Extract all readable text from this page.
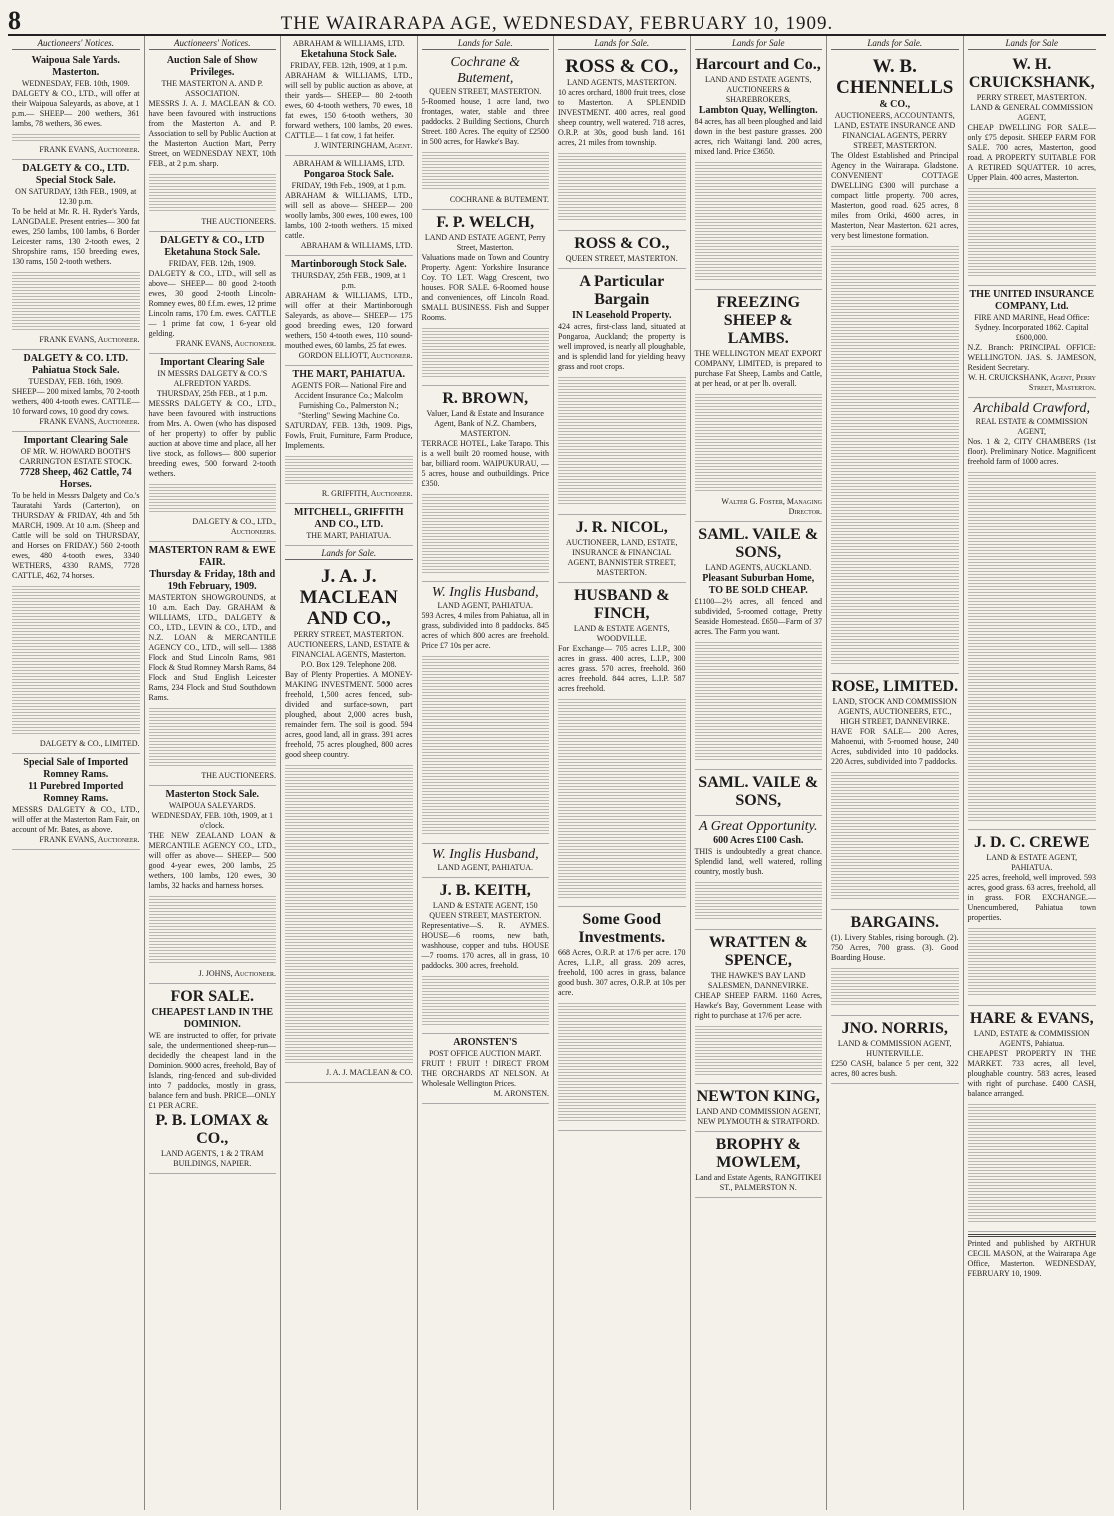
8	THE WAIRARAPA AGE, WEDNESDAY, FEBRUARY 10, 1909.
Auctioneers' Notices.
Waipoua Sale Yards. Masterton.
WEDNESDAY, FEB. 10th, 1909.
DALGETY & CO., LTD., will offer at their Waipoua Saleyards, as above, at 1 p.m.— SHEEP— 200 wethers, 361 lambs, 78 wethers, 36 ewes.
FRANK EVANS, Auctioneer.
DALGETY & CO., LTD.
Special Stock Sale.
ON SATURDAY, 13th FEB., 1909, at 12.30 p.m.
To be held at Mr. R. H. Ryder's Yards, LANGDALE. Present entries— 300 fat ewes, 250 lambs, 100 lambs, 6 Border Leicester rams, 130 2-tooth ewes, 2 Shropshire rams, 150 breeding ewes, 130 rams, 150 2-tooth wethers.
FRANK EVANS, Auctioneer.
DALGETY & CO. LTD.
Pahiatua Stock Sale.
TUESDAY, FEB. 16th, 1909.
SHEEP— 200 mixed lambs, 70 2-tooth wethers, 400 4-tooth ewes. CATTLE— 10 forward cows, 10 good dry cows.
FRANK EVANS, Auctioneer.
Important Clearing Sale
OF MR. W. HOWARD BOOTH'S CARRINGTON ESTATE STOCK.
7728 Sheep, 462 Cattle, 74 Horses.
To be held in Messrs Dalgety and Co.'s Tauratahi Yards (Carterton), on THURSDAY & FRIDAY, 4th and 5th MARCH, 1909. At 10 a.m. (Sheep and Cattle will be sold on THURSDAY, and Horses on FRIDAY.) 560 2-tooth ewes, 480 4-tooth ewes, 3340 WETHERS, 4330 RAMS, 7728 CATTLE, 462, 74 horses.
DALGETY & CO., LIMITED.
Special Sale of Imported Romney Rams.
11 Purebred Imported Romney Rams.
MESSRS DALGETY & CO., LTD., will offer at the Masterton Ram Fair, on account of Mr. Bates, as above.
FRANK EVANS, Auctioneer.
Auctioneers' Notices.
Auction Sale of Show Privileges.
THE MASTERTON A. AND P. ASSOCIATION.
MESSRS J. A. J. MACLEAN & CO. have been favoured with instructions from the Masterton A. and P. Association to sell by Public Auction at the Masterton Auction Mart, Perry Street, on WEDNESDAY NEXT, 10th FEB., at 2 p.m. sharp.
THE AUCTIONEERS.
DALGETY & CO., LTD
Eketahuna Stock Sale.
FRIDAY, FEB. 12th, 1909.
DALGETY & CO., LTD., will sell as above— SHEEP— 80 good 2-tooth ewes, 30 good 2-tooth Lincoln-Romney ewes, 80 f.f.m. ewes, 12 prime Lincoln rams, 170 f.m. ewes. CATTLE— 1 prime fat cow, 1 6-year old gelding.
FRANK EVANS, Auctioneer.
Important Clearing Sale
IN MESSRS DALGETY & CO.'S ALFREDTON YARDS.
THURSDAY, 25th FEB., at 1 p.m.
MESSRS DALGETY & CO., LTD., have been favoured with instructions from Mrs. A. Owen (who has disposed of her property) to offer by public auction at above time and place, all her live stock, as follows— 800 superior breeding ewes, 500 forward 2-tooth wethers.
DALGETY & CO., LTD., Auctioneers.
MASTERTON RAM & EWE FAIR.
Thursday & Friday, 18th and 19th February, 1909.
MASTERTON SHOWGROUNDS, at 10 a.m. Each Day. GRAHAM & WILLIAMS, LTD., DALGETY & CO., LTD., LEVIN & CO., LTD., and N.Z. LOAN & MERCANTILE AGENCY CO., LTD., will sell— 1388 Flock and Stud Lincoln Rams, 981 Flock & Stud Romney Marsh Rams, 84 Flock and Stud English Leicester Rams, 234 Flock and Stud Southdown Rams.
THE AUCTIONEERS.
Masterton Stock Sale.
WAIPOUA SALEYARDS.
WEDNESDAY, FEB. 10th, 1909, at 1 o'clock.
THE NEW ZEALAND LOAN & MERCANTILE AGENCY CO., LTD., will offer as above— SHEEP— 500 good 4-year ewes, 200 lambs, 25 wethers, 100 lambs, 120 ewes, 30 lambs, 32 hacks and harness horses.
J. JOHNS, Auctioneer.
FOR SALE.
CHEAPEST LAND IN THE DOMINION.
WE are instructed to offer, for private sale, the undermentioned sheep-run—decidedly the cheapest land in the Dominion. 9000 acres, freehold, Bay of Islands, ring-fenced and sub-divided into 7 paddocks, mostly in grass, balance fern and bush. PRICE—ONLY £1 PER ACRE.
P. B. LOMAX & CO.,
LAND AGENTS, 1 & 2 TRAM BUILDINGS, NAPIER.
ABRAHAM & WILLIAMS, LTD.
Eketahuna Stock Sale.
FRIDAY, FEB. 12th, 1909, at 1 p.m.
ABRAHAM & WILLIAMS, LTD., will sell by public auction as above, at their yards— SHEEP— 80 2-tooth ewes, 60 4-tooth wethers, 70 ewes, 18 fat ewes, 150 6-tooth wethers, 30 forward wethers, 100 lambs, 20 ewes. CATTLE— 1 fat cow, 1 fat heifer.
J. WINTERINGHAM, Agent.
ABRAHAM & WILLIAMS, LTD.
Pongaroa Stock Sale.
FRIDAY, 19th Feb., 1909, at 1 p.m.
ABRAHAM & WILLIAMS, LTD., will sell as above— SHEEP— 200 woolly lambs, 300 ewes, 100 ewes, 100 lambs, 100 2-tooth wethers. 15 mixed cattle.
ABRAHAM & WILLIAMS, LTD.
Martinborough Stock Sale.
THURSDAY, 25th FEB., 1909, at 1 p.m.
ABRAHAM & WILLIAMS, LTD., will offer at their Martinborough Saleyards, as above— SHEEP— 175 good breeding ewes, 120 forward wethers, 150 4-tooth ewes, 110 sound-mouthed ewes, 60 lambs, 25 fat ewes.
GORDON ELLIOTT, Auctioneer.
THE MART, PAHIATUA.
AGENTS FOR— National Fire and Accident Insurance Co.; Malcolm Furnishing Co., Palmerston N.; "Sterling" Sewing Machine Co.
SATURDAY, FEB. 13th, 1909. Pigs, Fowls, Fruit, Furniture, Farm Produce, Implements.
R. GRIFFITH, Auctioneer.
MITCHELL, GRIFFITH AND CO., LTD.
THE MART, PAHIATUA.
Lands for Sale.
J. A. J. MACLEAN AND CO.,
PERRY STREET, MASTERTON. AUCTIONEERS, LAND, ESTATE & FINANCIAL AGENTS, Masterton.
P.O. Box 129. Telephone 208.
Bay of Plenty Properties. A MONEY-MAKING INVESTMENT. 5000 acres freehold, 1,500 acres fenced, sub-divided and surface-sown, part ploughed, about 2,000 acres bush, remainder fern. The soil is good. 594 acres, good land, all in grass. 391 acres freehold, 75 acres ploughed, 800 acres good sheep country.
J. A. J. MACLEAN & CO.
Lands for Sale.
Cochrane & Butement,
QUEEN STREET, MASTERTON.
5-Roomed house, 1 acre land, two frontages, water, stable and three paddocks. 2 Building Sections, Church Street. 180 Acres. The equity of £2500 in 500 acres, for Hawke's Bay.
COCHRANE & BUTEMENT.
F. P. WELCH,
LAND AND ESTATE AGENT, Perry Street, Masterton.
Valuations made on Town and Country Property. Agent: Yorkshire Insurance Coy. TO LET. Wagg Crescent, two houses. FOR SALE. 6-Roomed house and conveniences, off Lincoln Road. SMALL BUSINESS. Fish and Supper Rooms.
R. BROWN,
Valuer, Land & Estate and Insurance Agent, Bank of N.Z. Chambers, MASTERTON.
TERRACE HOTEL, Lake Tarapo. This is a well built 20 roomed house, with bar, billiard room. WAIPUKURAU, — 5 acres, house and outbuildings. Price £350.
W. Inglis Husband,
LAND AGENT, PAHIATUA.
593 Acres, 4 miles from Pahiatua, all in grass, subdivided into 8 paddocks. 845 acres of which 800 acres are freehold. Price £7 10s per acre.
W. Inglis Husband,
LAND AGENT, PAHIATUA.
J. B. KEITH,
LAND & ESTATE AGENT, 150 QUEEN STREET, MASTERTON.
Representative—S. R. AYMES. HOUSE—6 rooms, new bath, washhouse, copper and tubs. HOUSE—7 rooms. 170 acres, all in grass, 10 paddocks. 300 acres, freehold.
ARONSTEN'S
POST OFFICE AUCTION MART.
FRUIT ! FRUIT ! DIRECT FROM THE ORCHARDS AT NELSON. At Wholesale Wellington Prices.
M. ARONSTEN.
Lands for Sale.
ROSS & CO.,
LAND AGENTS, MASTERTON.
10 acres orchard, 1800 fruit trees, close to Masterton. A SPLENDID INVESTMENT. 400 acres, real good sheep country, well watered. 718 acres, O.R.P. at 30s, good bush land. 161 acres, 21 miles from township.
ROSS & CO.,
QUEEN STREET, MASTERTON.
A Particular Bargain
IN Leasehold Property.
424 acres, first-class land, situated at Pongaroa, Auckland; the property is well improved, is nearly all ploughable, and is splendid land for yielding heavy grass and root crops.
J. R. NICOL,
AUCTIONEER, LAND, ESTATE, INSURANCE & FINANCIAL AGENT, BANNISTER STREET, MASTERTON.
HUSBAND & FINCH,
LAND & ESTATE AGENTS, WOODVILLE.
For Exchange— 705 acres L.I.P., 300 acres in grass. 400 acres, L.I.P., 300 acres grass. 570 acres, freehold. 360 acres freehold. 844 acres, L.I.P. 587 acres freehold.
Some Good Investments.
668 Acres, O.R.P. at 17/6 per acre. 170 Acres, L.I.P., all grass. 209 acres, freehold, 100 acres in grass, balance good bush. 307 acres, O.R.P. at 10s per acre.
Lands for Sale
Harcourt and Co.,
LAND AND ESTATE AGENTS, AUCTIONEERS & SHAREBROKERS,
Lambton Quay, Wellington.
84 acres, has all been ploughed and laid down in the best pasture grasses. 200 acres, rich Waitangi land. 200 acres, mixed land. Price £3650.
FREEZING SHEEP & LAMBS.
THE WELLINGTON MEAT EXPORT COMPANY, LIMITED, is prepared to purchase Fat Sheep, Lambs and Cattle, at per head, or at per lb. overall.
Walter G. Foster, Managing Director.
SAML. VAILE & SONS,
LAND AGENTS, AUCKLAND.
Pleasant Suburban Home, TO BE SOLD CHEAP.
£1100—2½ acres, all fenced and subdivided, 5-roomed cottage, Pretty Seaside Homestead. £650—Farm of 37 acres. The Farm you want.
SAML. VAILE & SONS,
A Great Opportunity.
600 Acres £100 Cash.
THIS is undoubtedly a great chance. Splendid land, well watered, rolling country, mostly bush.
WRATTEN & SPENCE,
THE HAWKE'S BAY LAND SALESMEN, DANNEVIRKE.
CHEAP SHEEP FARM. 1160 Acres, Hawke's Bay, Government Lease with right to purchase at 17/6 per acre.
NEWTON KING,
LAND AND COMMISSION AGENT, NEW PLYMOUTH & STRATFORD.
BROPHY & MOWLEM,
Land and Estate Agents, RANGITIKEI ST., PALMERSTON N.
Lands for Sale.
W. B. CHENNELLS
& CO.,
AUCTIONEERS, ACCOUNTANTS, LAND, ESTATE INSURANCE AND FINANCIAL AGENTS, PERRY STREET, MASTERTON.
The Oldest Established and Principal Agency in the Wairarapa. Gladstone. CONVENIENT COTTAGE DWELLING £300 will purchase a compact little property. 700 acres, Masterton, good road. 625 acres, 8 miles from Oriki, 4600 acres, in Masterton, Near Masterton. 621 acres, very best limestone formation.
ROSE, LIMITED.
LAND, STOCK AND COMMISSION AGENTS, AUCTIONEERS, ETC., HIGH STREET, DANNEVIRKE.
HAVE FOR SALE— 200 Acres, Mahoenui, with 5-roomed house, 240 Acres, subdivided into 10 paddocks. 220 Acres, subdivided into 7 paddocks.
BARGAINS.
(1). Livery Stables, rising borough. (2). 750 Acres, 700 grass. (3). Good Boarding House.
JNO. NORRIS,
LAND & COMMISSION AGENT, HUNTERVILLE.
£250 CASH, balance 5 per cent, 322 acres, 80 acres bush.
Lands for Sale
W. H. CRUICKSHANK,
PERRY STREET, MASTERTON. LAND & GENERAL COMMISSION AGENT,
CHEAP DWELLING FOR SALE—only £75 deposit. SHEEP FARM FOR SALE. 700 acres, Masterton, good road. A PROPERTY SUITABLE FOR A RETIRED SQUATTER. 10 acres, Upper Plain. 400 acres, Masterton.
THE UNITED INSURANCE COMPANY, Ltd.
FIRE AND MARINE, Head Office: Sydney. Incorporated 1862. Capital £600,000.
N.Z. Branch: PRINCIPAL OFFICE: WELLINGTON. JAS. S. JAMESON, Resident Secretary.
W. H. CRUICKSHANK, Agent, Perry Street, Masterton.
Archibald Crawford,
REAL ESTATE & COMMISSION AGENT,
Nos. 1 & 2, CITY CHAMBERS (1st floor). Preliminary Notice. Magnificent freehold farm of 1000 acres.
J. D. C. CREWE
LAND & ESTATE AGENT, PAHIATUA.
225 acres, freehold, well improved. 593 acres, good grass. 63 acres, freehold, all in grass. FOR EXCHANGE.— Unencumbered, Pahiatua town properties.
HARE & EVANS,
LAND, ESTATE & COMMISSION AGENTS, Pahiatua.
CHEAPEST PROPERTY IN THE MARKET. 733 acres, all level, ploughable country. 583 acres, leased with right of purchase. £400 CASH, balance arranged.
Printed and published by ARTHUR CECIL MASON, at the Wairarapa Age Office, Masterton. WEDNESDAY, FEBRUARY 10, 1909.
